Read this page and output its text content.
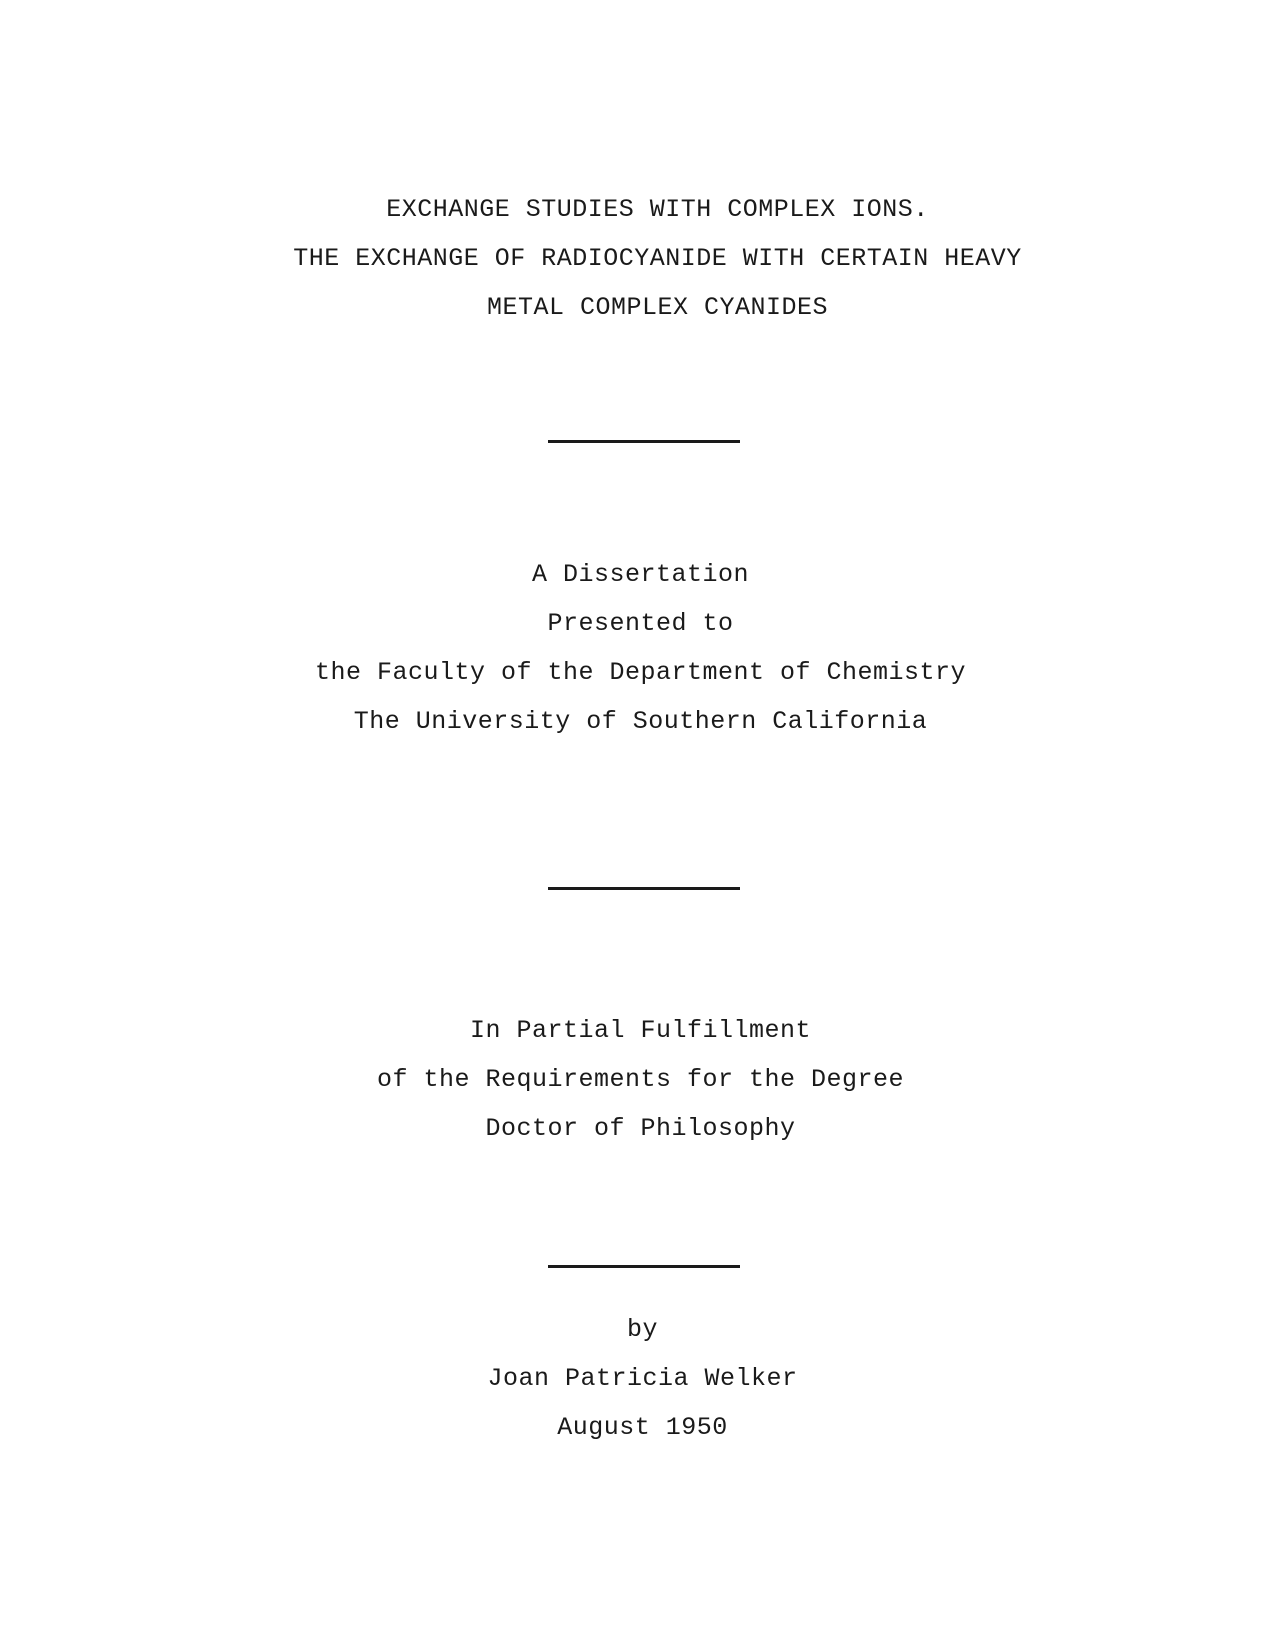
EXCHANGE STUDIES WITH COMPLEX IONS.
THE EXCHANGE OF RADIOCYANIDE WITH CERTAIN HEAVY
METAL COMPLEX CYANIDES
A Dissertation
Presented to
the Faculty of the Department of Chemistry
The University of Southern California
In Partial Fulfillment
of the Requirements for the Degree
Doctor of Philosophy
by
Joan Patricia Welker
August 1950
